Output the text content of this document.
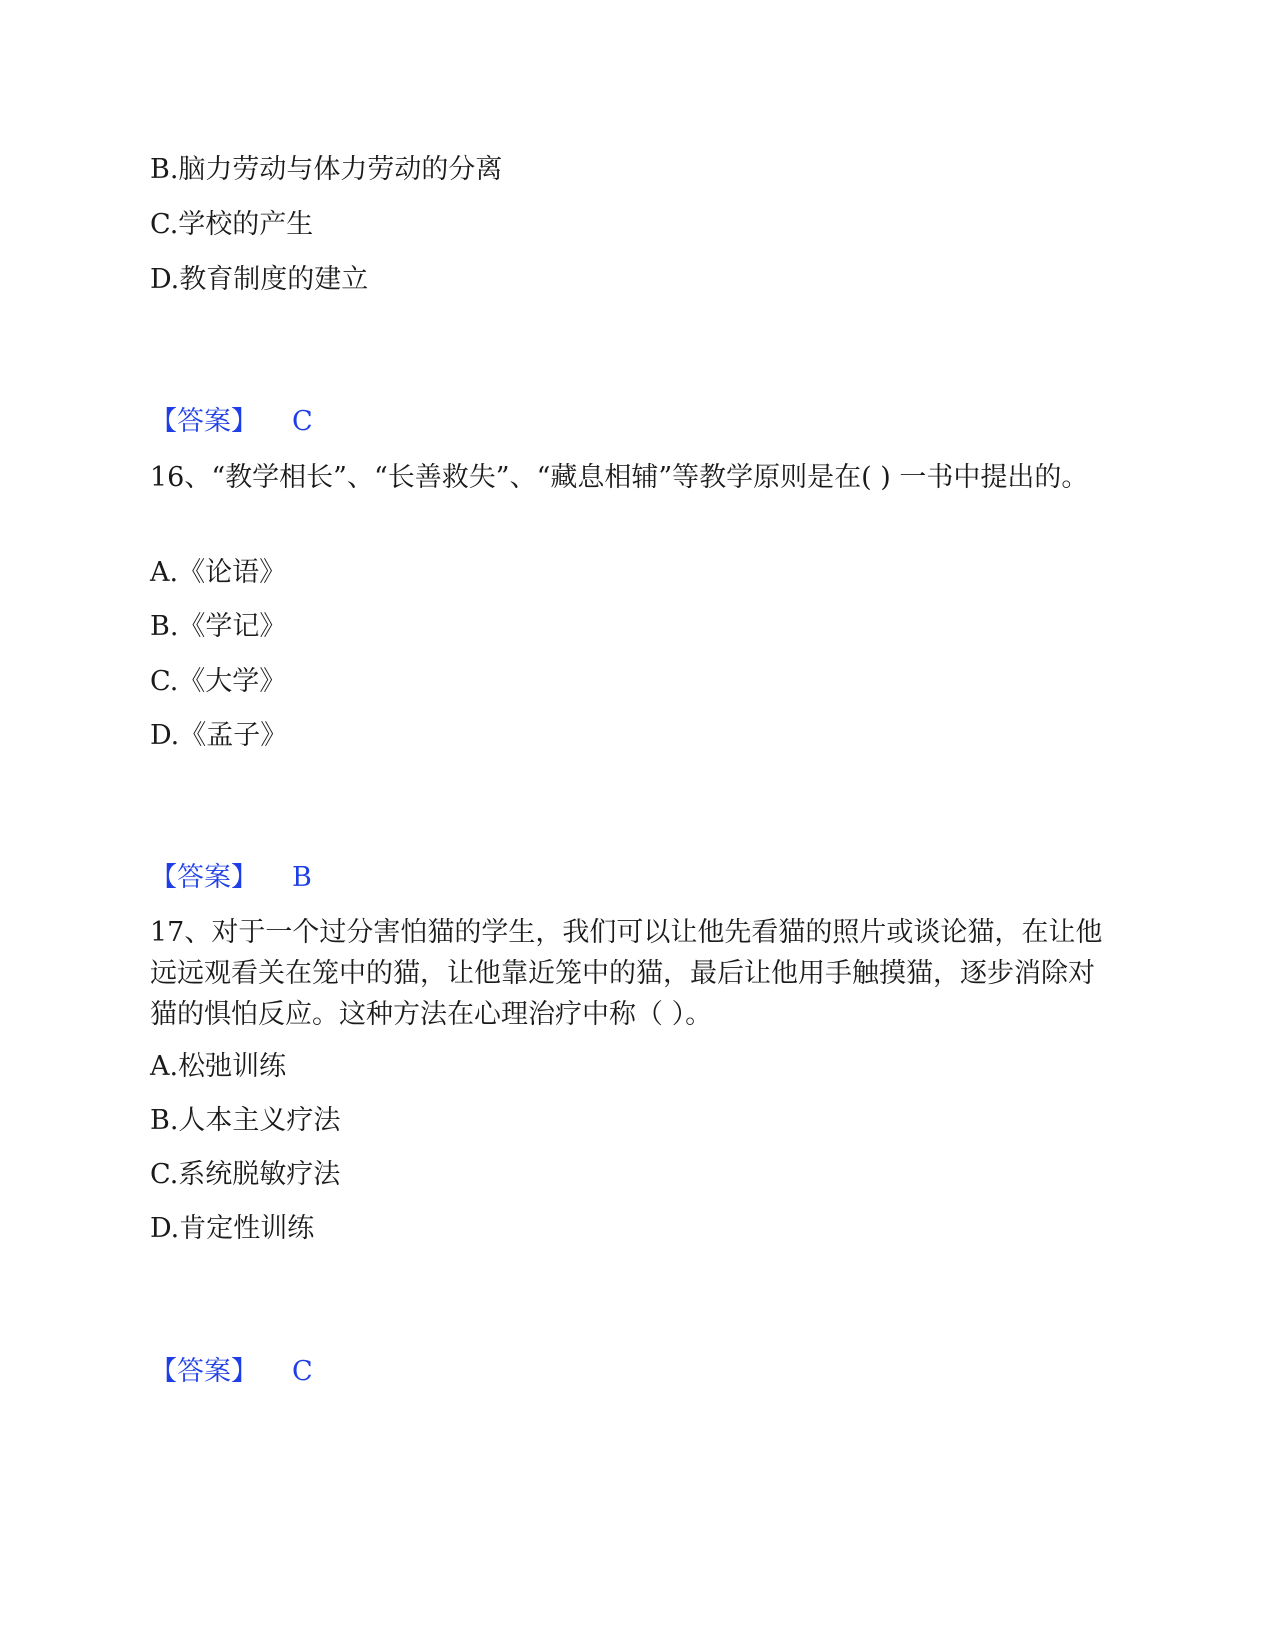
B.脑力劳动与体力劳动的分离
C.学校的产生
D.教育制度的建立
【答案】 C
16、“教学相长”、“长善救失”、“藏息相辅”等教学原则是在( ) 一书中提出的。
A.《论语》
B.《学记》
C.《大学》
D.《孟子》
【答案】 B
17、对于一个过分害怕猫的学生，我们可以让他先看猫的照片或谈论猫，在让他远远观看关在笼中的猫，让他靠近笼中的猫，最后让他用手触摸猫，逐步消除对猫的惧怕反应。这种方法在心理治疗中称（ ）。
A.松弛训练
B.人本主义疗法
C.系统脱敏疗法
D.肯定性训练
【答案】 C
